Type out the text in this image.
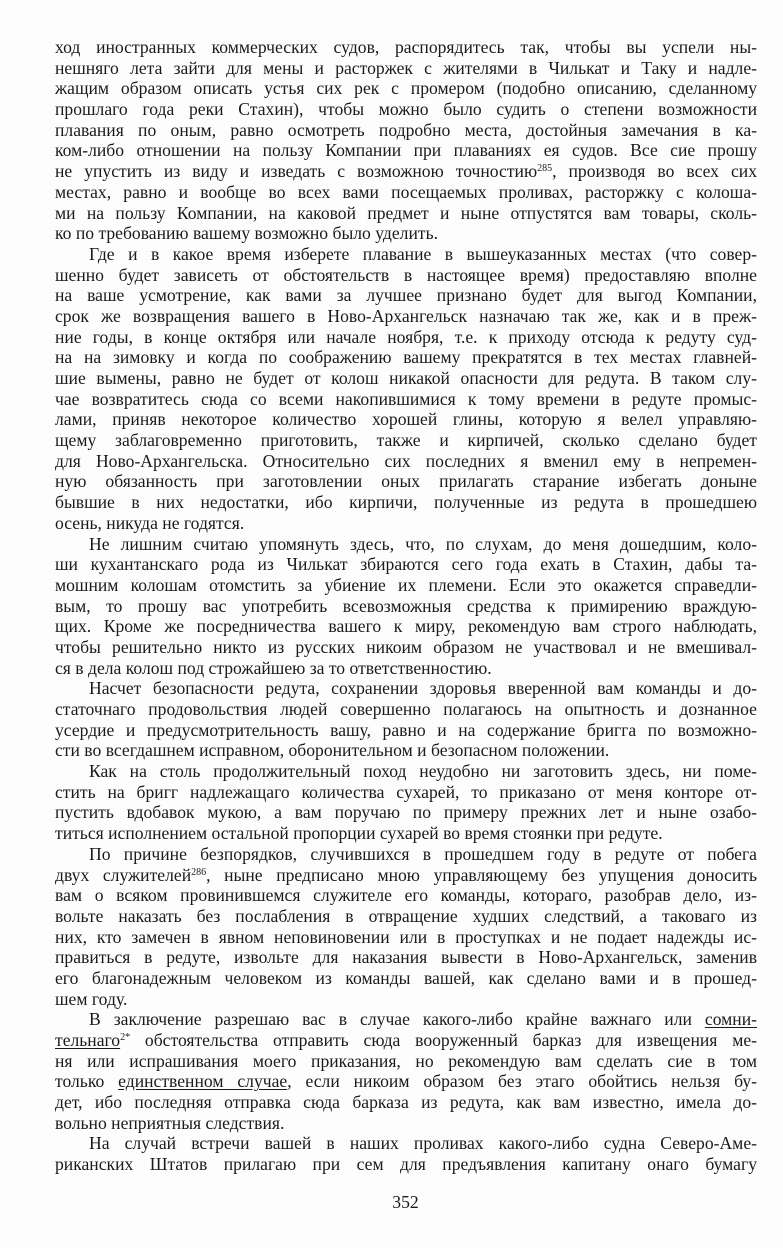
ход иностранных коммерческих судов, распорядитесь так, чтобы вы успели ны-
нешняго лета зайти для мены и расторжек с жителями в Чилькат и Таку и надле-
жащим образом описать устья сих рек с промером (подобно описанию, сделанному
прошлаго года реки Стахин), чтобы можно было судить о степени возможности
плавания по оным, равно осмотреть подробно места, достойныя замечания в ка-
ком-либо отношении на пользу Компании при плаваниях ея судов. Все сие прошу
не упустить из виду и изведать с возможною точностию$^{285}$, производя во всех сих
местах, равно и вообще во всех вами посещаемых проливах, расторжку с колоша-
ми на пользу Компании, на каковой предмет и ныне отпустятся вам товары, сколь-
ко по требованию вашему возможно было уделить.
Где и в какое время изберете плавание в вышеуказанных местах (что совер-
шенно будет зависеть от обстоятельств в настоящее время) предоставляю вполне
на ваше усмотрение, как вами за лучшее признано будет для выгод Компании,
срок же возвращения вашего в Ново-Архангельск назначаю так же, как и в преж-
ние годы, в конце октября или начале ноября, т.е. к приходу отсюда к редуту суд-
на на зимовку и когда по соображению вашему прекратятся в тех местах главней-
шие вымены, равно не будет от колош никакой опасности для редута. В таком слу-
чае возвратитесь сюда со всеми накопившимися к тому времени в редуте промыс-
лами, приняв некоторое количество хорошей глины, которую я велел управляю-
щему заблаговременно приготовить, также и кирпичей, сколько сделано будет
для Ново-Архангельска. Относительно сих последних я вменил ему в непремен-
ную обязанность при заготовлении оных прилагать старание избегать доныне
бывшие в них недостатки, ибо кирпичи, полученные из редута в прошедшею
осень, никуда не годятся.
Не лишним считаю упомянуть здесь, что, по слухам, до меня дошедшим, коло-
ши кухантанскаго рода из Чилькат збираются сего года ехать в Стахин, дабы та-
мошним колошам отомстить за убиение их племени. Если это окажется справедли-
вым, то прошу вас употребить всевозможныя средства к примирению враждую-
щих. Кроме же посредничества вашего к миру, рекомендую вам строго наблюдать,
чтобы решительно никто из русских никоим образом не участвовал и не вмешивал-
ся в дела колош под строжайшею за то ответственностию.
Насчет безопасности редута, сохранении здоровья вверенной вам команды и до-
статочнаго продовольствия людей совершенно полагаюсь на опытность и дознанное
усердие и предусмотрительность вашу, равно и на содержание бригга по возможно-
сти во всегдашнем исправном, оборонительном и безопасном положении.
Как на столь продолжительный поход неудобно ни заготовить здесь, ни поме-
стить на бригг надлежащаго количества сухарей, то приказано от меня конторе от-
пустить вдобавок мукою, а вам поручаю по примеру прежних лет и ныне озабо-
титься исполнением остальной пропорции сухарей во время стоянки при редуте.
По причине безпорядков, случившихся в прошедшем году в редуте от побега
двух служителей$^{286}$, ныне предписано мною управляющему без упущения доносить
вам о всяком провинившемся служителе его команды, котораго, разобрав дело, из-
вольте наказать без послабления в отвращение худших следствий, а таковаго из
них, кто замечен в явном неповиновении или в проступках и не подает надежды ис-
правиться в редуте, извольте для наказания вывести в Ново-Архангельск, заменив
его благонадежным человеком из команды вашей, как сделано вами и в прошед-
шем году.
В заключение разрешаю вас в случае какого-либо крайне важнаго или сомни-
тельнаго$^{2*}$ обстоятельства отправить сюда вооруженный барказ для извещения ме-
ня или испрашивания моего приказания, но рекомендую вам сделать сие в том
только единственном случае, если никоим образом без этаго обойтись нельзя бу-
дет, ибо последняя отправка сюда барказа из редута, как вам известно, имела до-
вольно неприятныя следствия.
На случай встречи вашей в наших проливах какого-либо судна Северо-Аме-
риканских Штатов прилагаю при сем для предъявления капитану онаго бумагу
352
